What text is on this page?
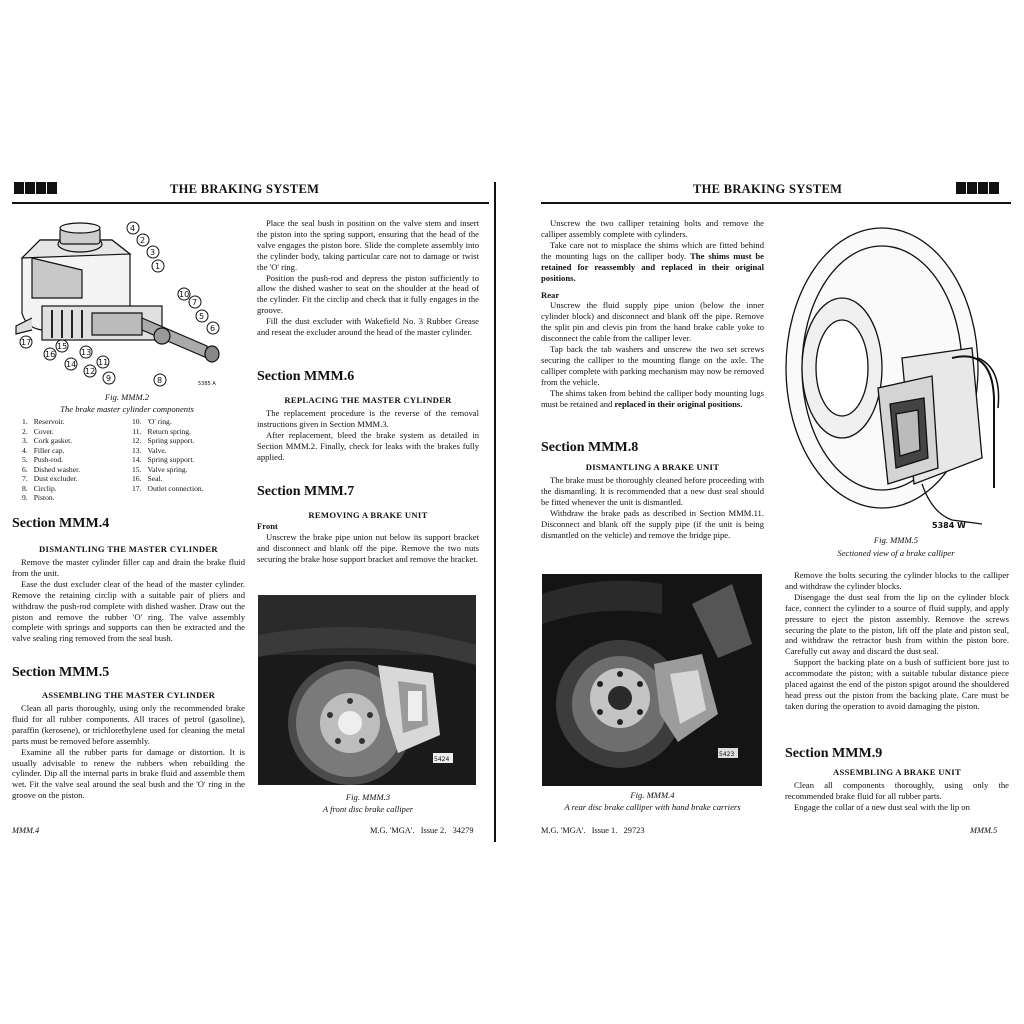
THE BRAKING SYSTEM
4
2
3
1
10
7
5
6
8
9
12
11
14
13
15
16
17
5385 A
Fig. MMM.2
The brake master cylinder components
1.	Reservoir.
2.	Cover.
3.	Cork gasket.
4.	Filler cap.
5.	Push-rod.
6.	Dished washer.
7.	Dust excluder.
8.	Circlip.
9.	Piston.
10.	'O' ring.
11.	Return spring.
12.	Spring support.
13.	Valve.
14.	Spring support.
15.	Valve spring.
16.	Seal.
17.	Outlet connection.
Section MMM.4
DISMANTLING THE MASTER CYLINDER

Remove the master cylinder filler cap and drain the brake fluid from the unit.

Ease the dust excluder clear of the head of the master cylinder. Remove the retaining circlip with a suitable pair of pliers and withdraw the push-rod complete with dished washer. Draw out the piston and remove the rubber 'O' ring. The valve assembly complete with springs and supports can then be extracted and the valve sealing ring removed from the seal bush.

Section MMM.5
ASSEMBLING THE MASTER CYLINDER

Clean all parts thoroughly, using only the recommended brake fluid for all rubber components. All traces of petrol (gasoline), paraffin (kerosene), or trichlorethylene used for cleaning the metal parts must be removed before assembly.

Examine all the rubber parts for damage or distortion. It is usually advisable to renew the rubbers when rebuilding the cylinder. Dip all the internal parts in brake fluid and assemble them wet. Fit the valve seal around the seal bush and the 'O' ring in the groove on the piston.

Place the seal bush in position on the valve stem and insert the piston into the spring support, ensuring that the head of the valve engages the piston bore. Slide the complete assembly into the cylinder body, taking particular care not to damage or twist the 'O' ring.

Position the push-rod and depress the piston sufficiently to allow the dished washer to seat on the shoulder at the head of the cylinder. Fit the circlip and check that it fully engages in the groove.

Fill the dust excluder with Wakefield No. 3 Rubber Grease and reseat the excluder around the head of the master cylinder.

Section MMM.6
REPLACING THE MASTER CYLINDER

The replacement procedure is the reverse of the removal instructions given in Section MMM.3.

After replacement, bleed the brake system as detailed in Section MMM.2. Finally, check for leaks with the brakes fully applied.

Section MMM.7
REMOVING A BRAKE UNIT
Front

Unscrew the brake pipe union nut below its support bracket and disconnect and blank off the pipe. Remove the two nuts securing the brake hose support bracket and remove the bracket.

5424
Fig. MMM.3
A front disc brake calliper
MMM.4	M.G. 'MGA'.   Issue 2.   34279
THE BRAKING SYSTEM

Unscrew the two calliper retaining bolts and remove the calliper assembly complete with cylinders.

Take care not to misplace the shims which are fitted behind the mounting lugs on the calliper body. The shims must be retained for reassembly and replaced in their original positions.

Rear

Unscrew the fluid supply pipe union (below the inner cylinder block) and disconnect and blank off the pipe. Remove the split pin and clevis pin from the hand brake cable yoke to disconnect the cable from the calliper lever.

Tap back the tab washers and unscrew the two set screws securing the calliper to the mounting flange on the axle. The calliper complete with parking mechanism may now be removed from the vehicle.

The shims taken from behind the calliper body mounting lugs must be retained and replaced in their original positions.

Section MMM.8
DISMANTLING A BRAKE UNIT

The brake must be thoroughly cleaned before proceeding with the dismantling. It is recommended that a new dust seal should be fitted whenever the unit is dismantled.

Withdraw the brake pads as described in Section MMM.11. Disconnect and blank off the supply pipe (if the unit is being dismantled on the vehicle) and remove the bridge pipe.

5423
Fig. MMM.4
A rear disc brake calliper with hand brake carriers
5384 W
Fig. MMM.5
Sectioned view of a brake calliper

Remove the bolts securing the cylinder blocks to the calliper and withdraw the cylinder blocks.

Disengage the dust seal from the lip on the cylinder block face, connect the cylinder to a source of fluid supply, and apply pressure to eject the piston assembly. Remove the screws securing the plate to the piston, lift off the plate and piston seal, and withdraw the retractor bush from within the piston bore. Carefully cut away and discard the dust seal.

Support the backing plate on a bush of sufficient bore just to accommodate the piston; with a suitable tubular distance piece placed against the end of the piston spigot around the shouldered head press out the piston from the backing plate. Care must be taken during the operation to avoid damaging the piston.

Section MMM.9
ASSEMBLING A BRAKE UNIT

Clean all components thoroughly, using only the recommended brake fluid for all rubber parts.

Engage the collar of a new dust seal with the lip on

M.G. 'MGA'.   Issue 1.   29723	MMM.5
